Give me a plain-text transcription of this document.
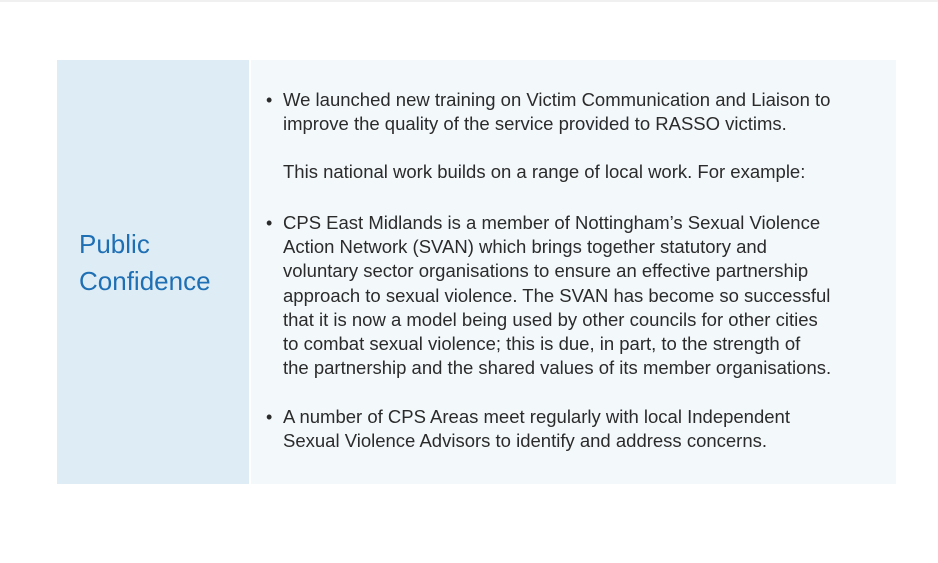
Public
Confidence
• We launched new training on Victim Communication and Liaison to
improve the quality of the service provided to RASSO victims.
This national work builds on a range of local work. For example:
• CPS East Midlands is a member of Nottingham’s Sexual Violence
Action Network (SVAN) which brings together statutory and
voluntary sector organisations to ensure an effective partnership
approach to sexual violence. The SVAN has become so successful
that it is now a model being used by other councils for other cities
to combat sexual violence; this is due, in part, to the strength of
the partnership and the shared values of its member organisations.
• A number of CPS Areas meet regularly with local Independent
Sexual Violence Advisors to identify and address concerns.
